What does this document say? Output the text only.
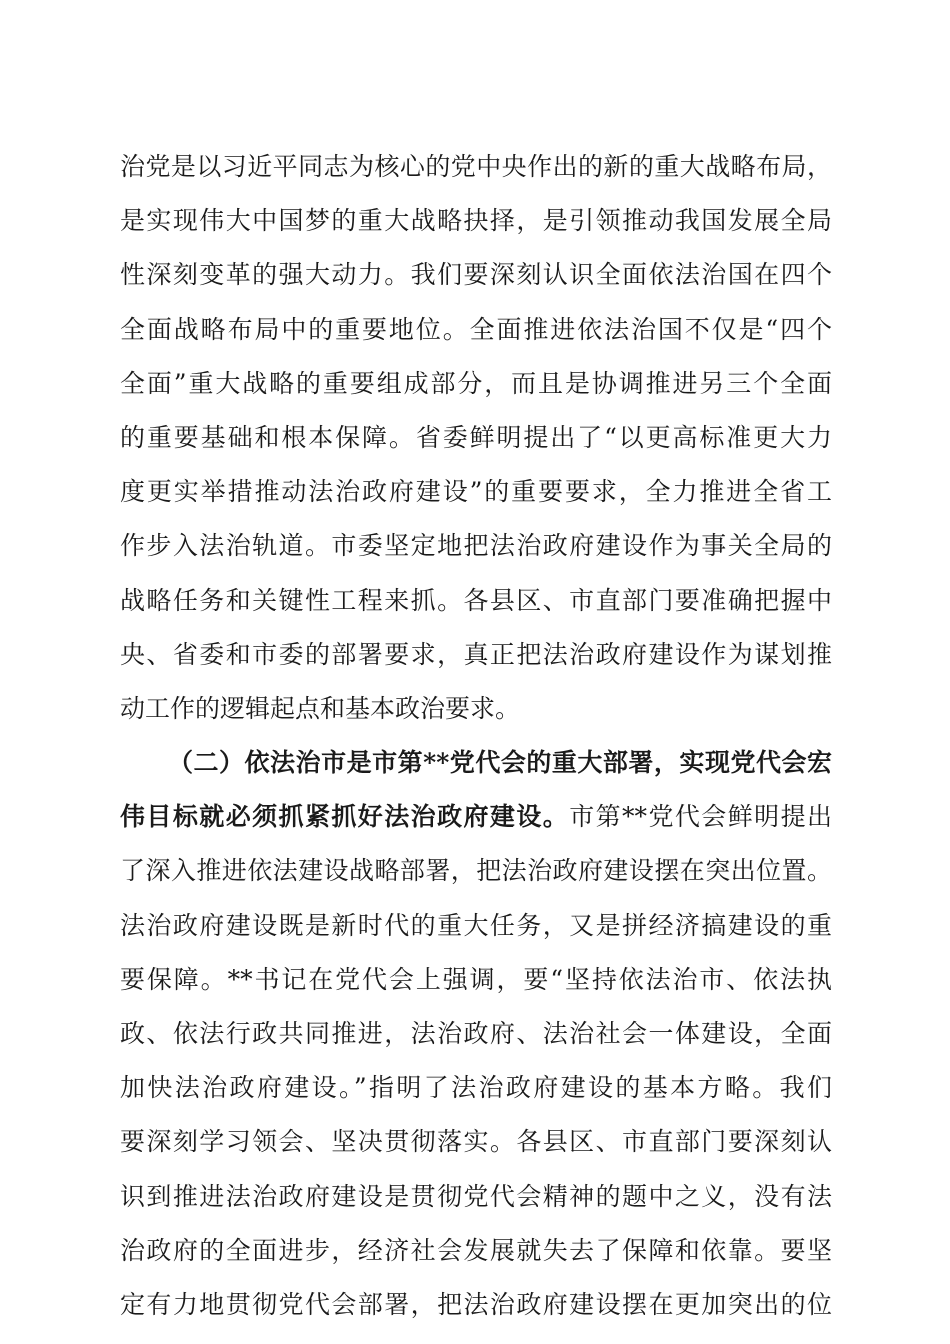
治党是以习近平同志为核心的党中央作出的新的重大战略布局，
是实现伟大中国梦的重大战略抉择，是引领推动我国发展全局
性深刻变革的强大动力。我们要深刻认识全面依法治国在四个
全面战略布局中的重要地位。全面推进依法治国不仅是“四个
全面”重大战略的重要组成部分，而且是协调推进另三个全面
的重要基础和根本保障。省委鲜明提出了“以更高标准更大力
度更实举措推动法治政府建设”的重要要求，全力推进全省工
作步入法治轨道。市委坚定地把法治政府建设作为事关全局的
战略任务和关键性工程来抓。各县区、市直部门要准确把握中
央、省委和市委的部署要求，真正把法治政府建设作为谋划推
动工作的逻辑起点和基本政治要求。
（二）依法治市是市第**党代会的重大部署，实现党代会宏
伟目标就必须抓紧抓好法治政府建设。市第**党代会鲜明提出
了深入推进依法建设战略部署，把法治政府建设摆在突出位置。
法治政府建设既是新时代的重大任务，又是拼经济搞建设的重
要保障。**书记在党代会上强调，要“坚持依法治市、依法执
政、依法行政共同推进，法治政府、法治社会一体建设，全面
加快法治政府建设。”指明了法治政府建设的基本方略。我们
要深刻学习领会、坚决贯彻落实。各县区、市直部门要深刻认
识到推进法治政府建设是贯彻党代会精神的题中之义，没有法
治政府的全面进步，经济社会发展就失去了保障和依靠。要坚
定有力地贯彻党代会部署，把法治政府建设摆在更加突出的位
